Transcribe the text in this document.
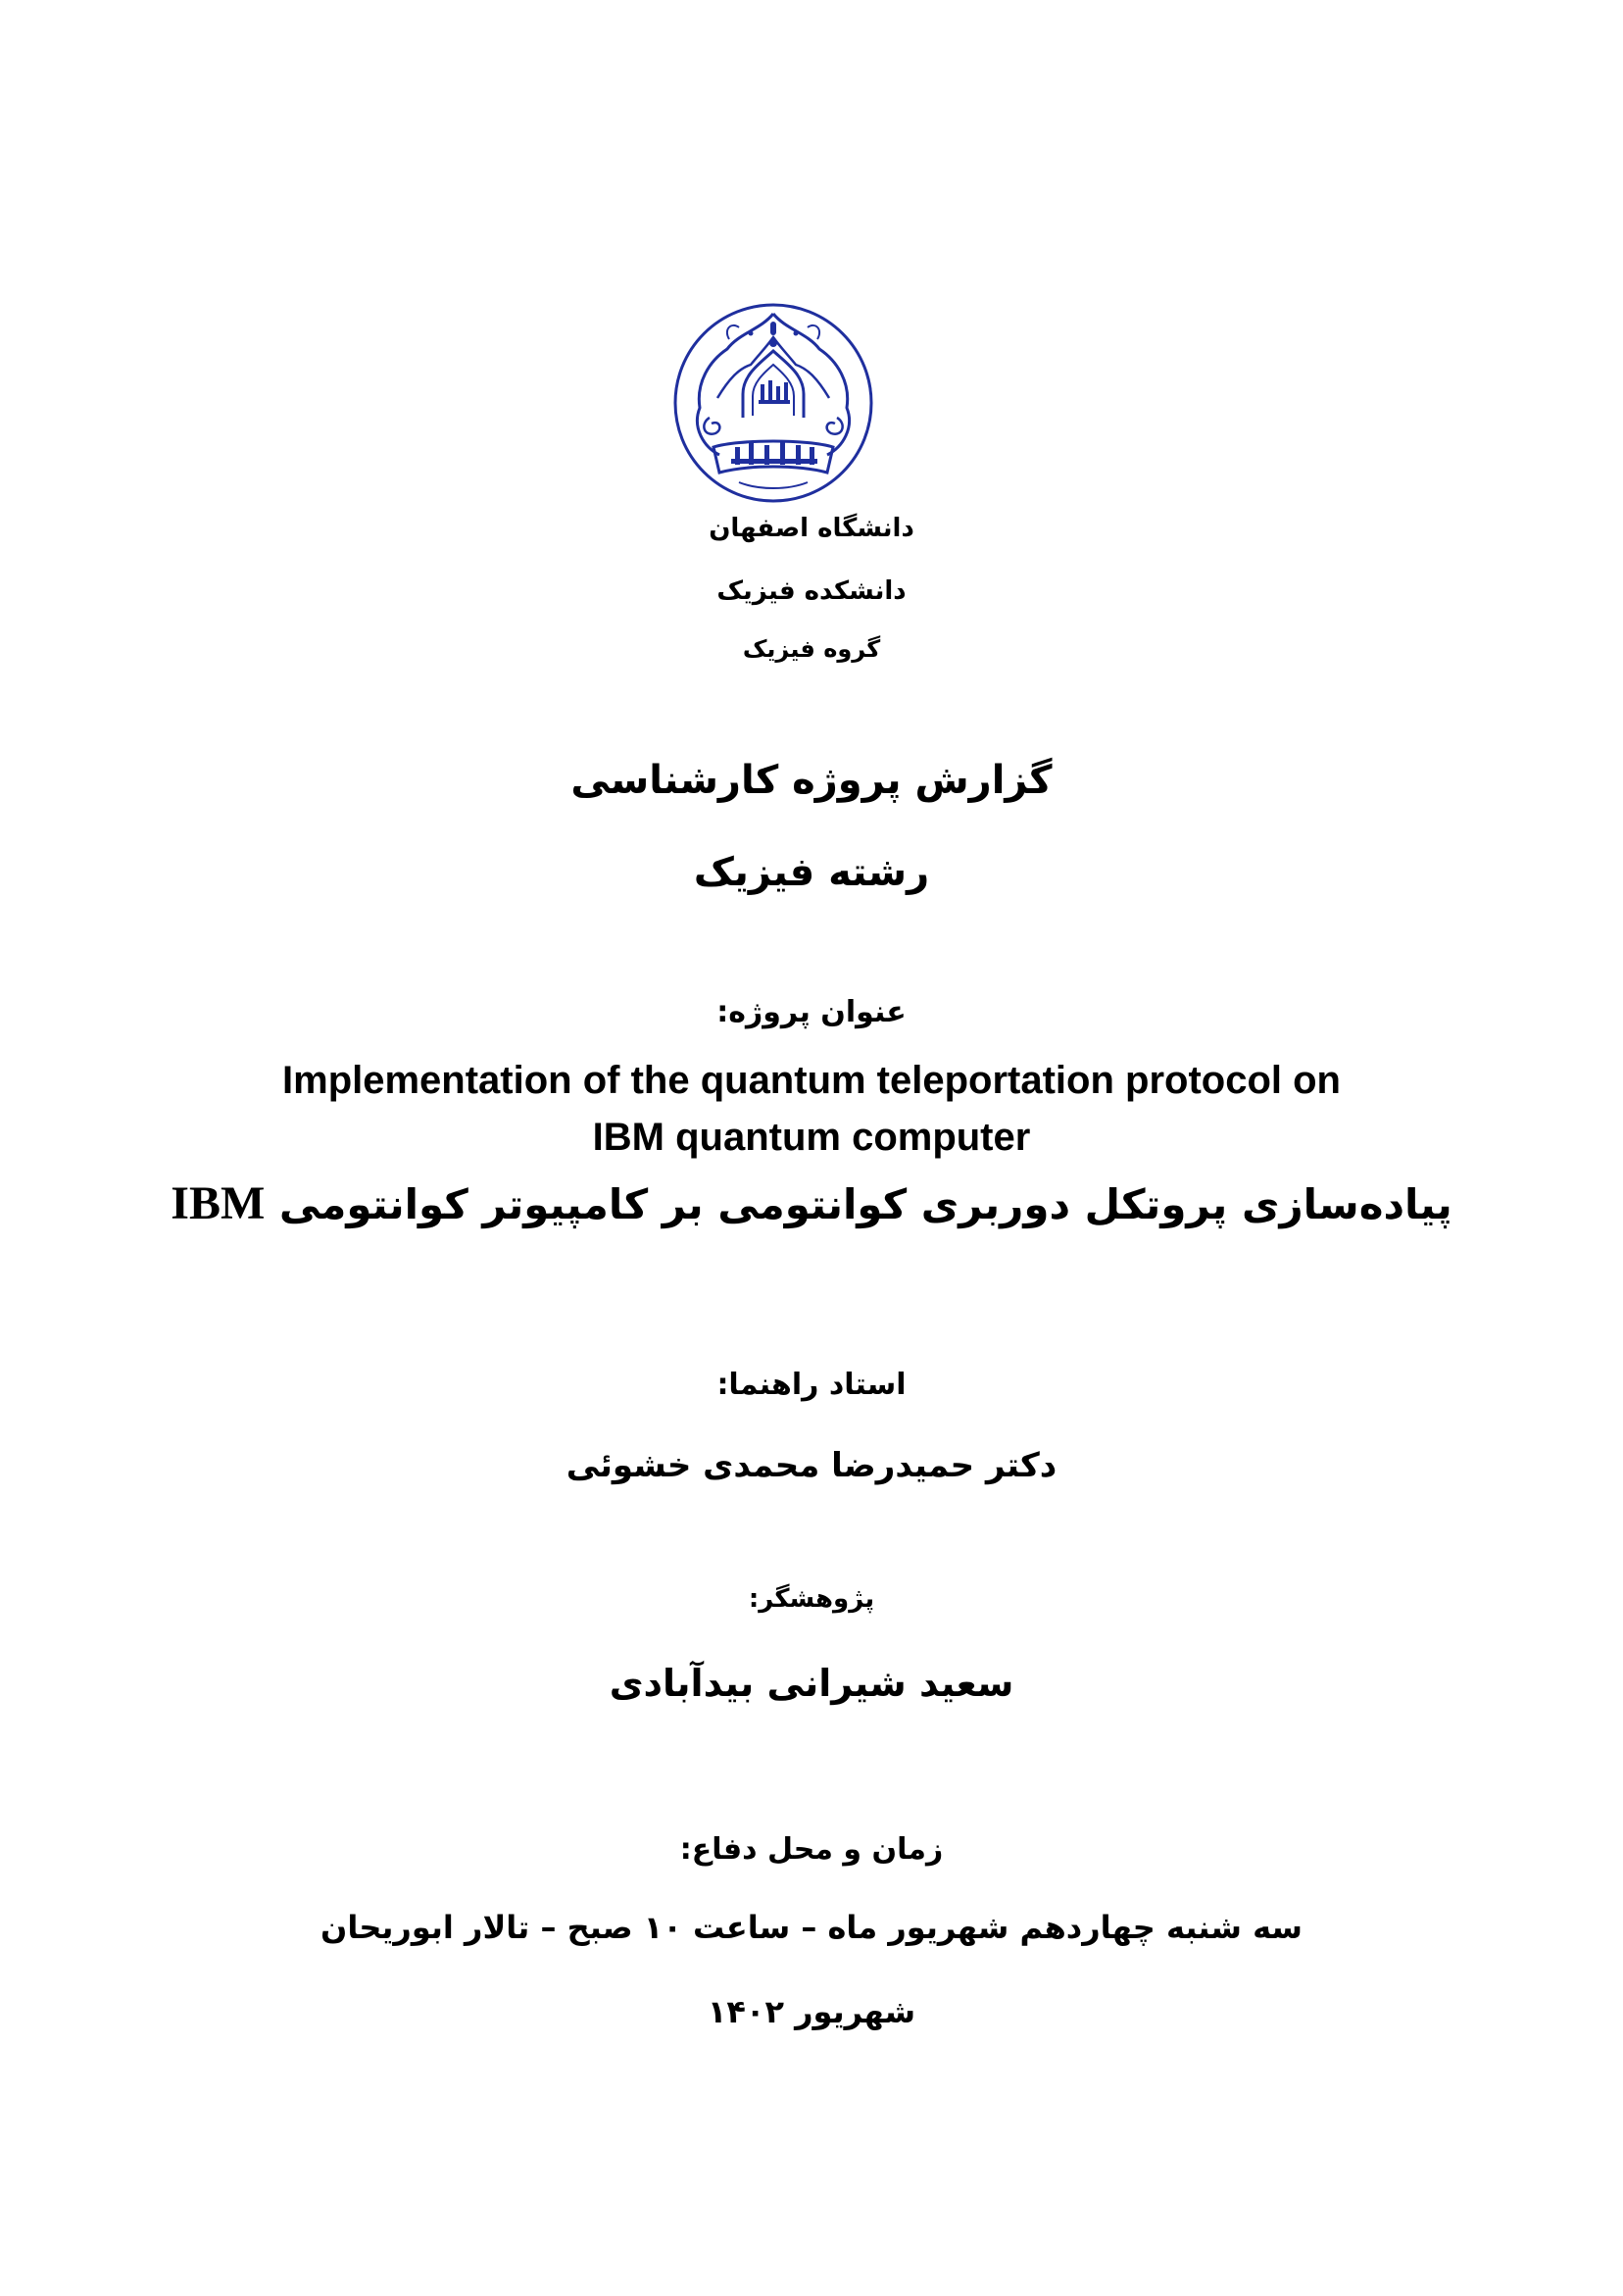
دانشگاه اصفهان
دانشکده فیزیک
گروه فیزیک
گزارش پروژه کارشناسی
رشته فیزیک
عنوان پروژه:
Implementation of the quantum teleportation protocol on
IBM quantum computer
پیاده‌سازی پروتکل دوربری کوانتومی بر کامپیوتر کوانتومی IBM
استاد راهنما:
دکتر حمیدرضا محمدی خشوئی
پژوهشگر:
سعید شیرانی بیدآبادی
زمان و محل دفاع:
سه شنبه چهاردهم شهریور ماه – ساعت ۱۰ صبح – تالار ابوریحان
شهریور ۱۴۰۲
